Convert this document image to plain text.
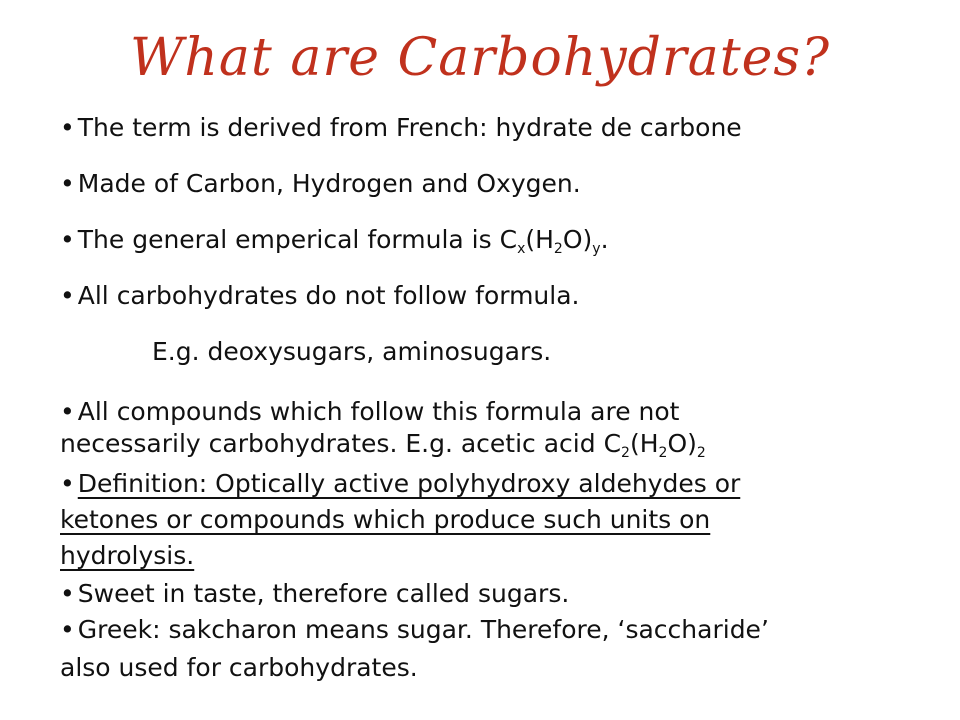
What are Carbohydrates?
• The term is derived from French: hydrate de carbone
• Made of Carbon, Hydrogen and Oxygen.
• The general emperical formula is $C_x(H_2O)_y$.
• All carbohydrates do not follow formula.
E.g. deoxysugars, aminosugars.
• All compounds which follow this formula are not
necessarily carbohydrates. E.g. acetic acid $C_2(H_2O)_2$
• Definition: Optically active polyhydroxy aldehydes or
ketones or compounds which produce such units on
hydrolysis.
• Sweet in taste, therefore called sugars.
• Greek: sakcharon means sugar. Therefore, ‘saccharide’
also used for carbohydrates.
